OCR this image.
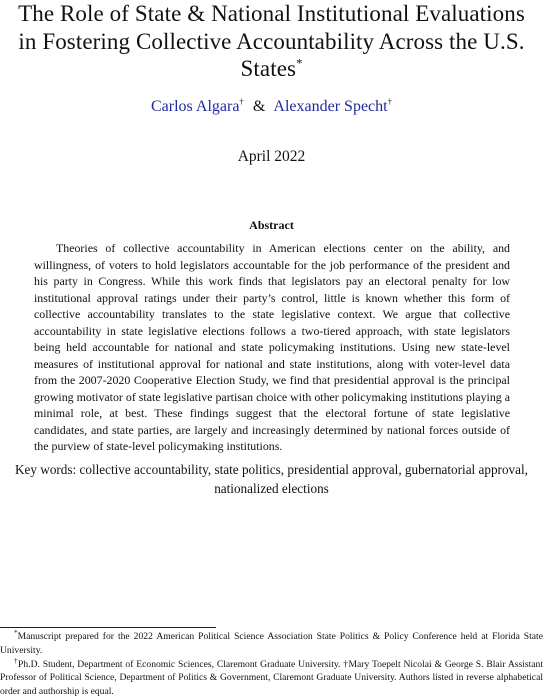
The Role of State & National Institutional Evaluations
in Fostering Collective Accountability Across the U.S.
States*
Carlos Algara† & Alexander Specht†
April 2022
Abstract

Theories of collective accountability in American elections center on the ability, and willingness, of voters to hold legislators accountable for the job performance of the president and his party in Congress. While this work finds that legislators pay an electoral penalty for low institutional approval ratings under their party’s control, little is known whether this form of collective accountability translates to the state legislative context. We argue that collective accountability in state legislative elections follows a two-tiered approach, with state legislators being held accountable for national and state policymaking institutions. Using new state-level measures of institutional approval for national and state institutions, along with voter-level data from the 2007-2020 Cooperative Election Study, we find that presidential approval is the principal growing motivator of state legislative partisan choice with other policymaking institutions playing a minimal role, at best. These findings suggest that the electoral fortune of state legislative candidates, and state parties, are largely and increasingly determined by national forces outside of the purview of state-level policymaking institutions.

Key words: collective accountability, state politics, presidential approval, gubernatorial approval, nationalized elections

*Manuscript prepared for the 2022 American Political Science Association State Politics & Policy Conference held at Florida State University.

†Ph.D. Student, Department of Economic Sciences, Claremont Graduate University. †Mary Toepelt Nicolai & George S. Blair Assistant Professor of Political Science, Department of Politics & Government, Claremont Graduate University. Authors listed in reverse alphabetical order and authorship is equal.
